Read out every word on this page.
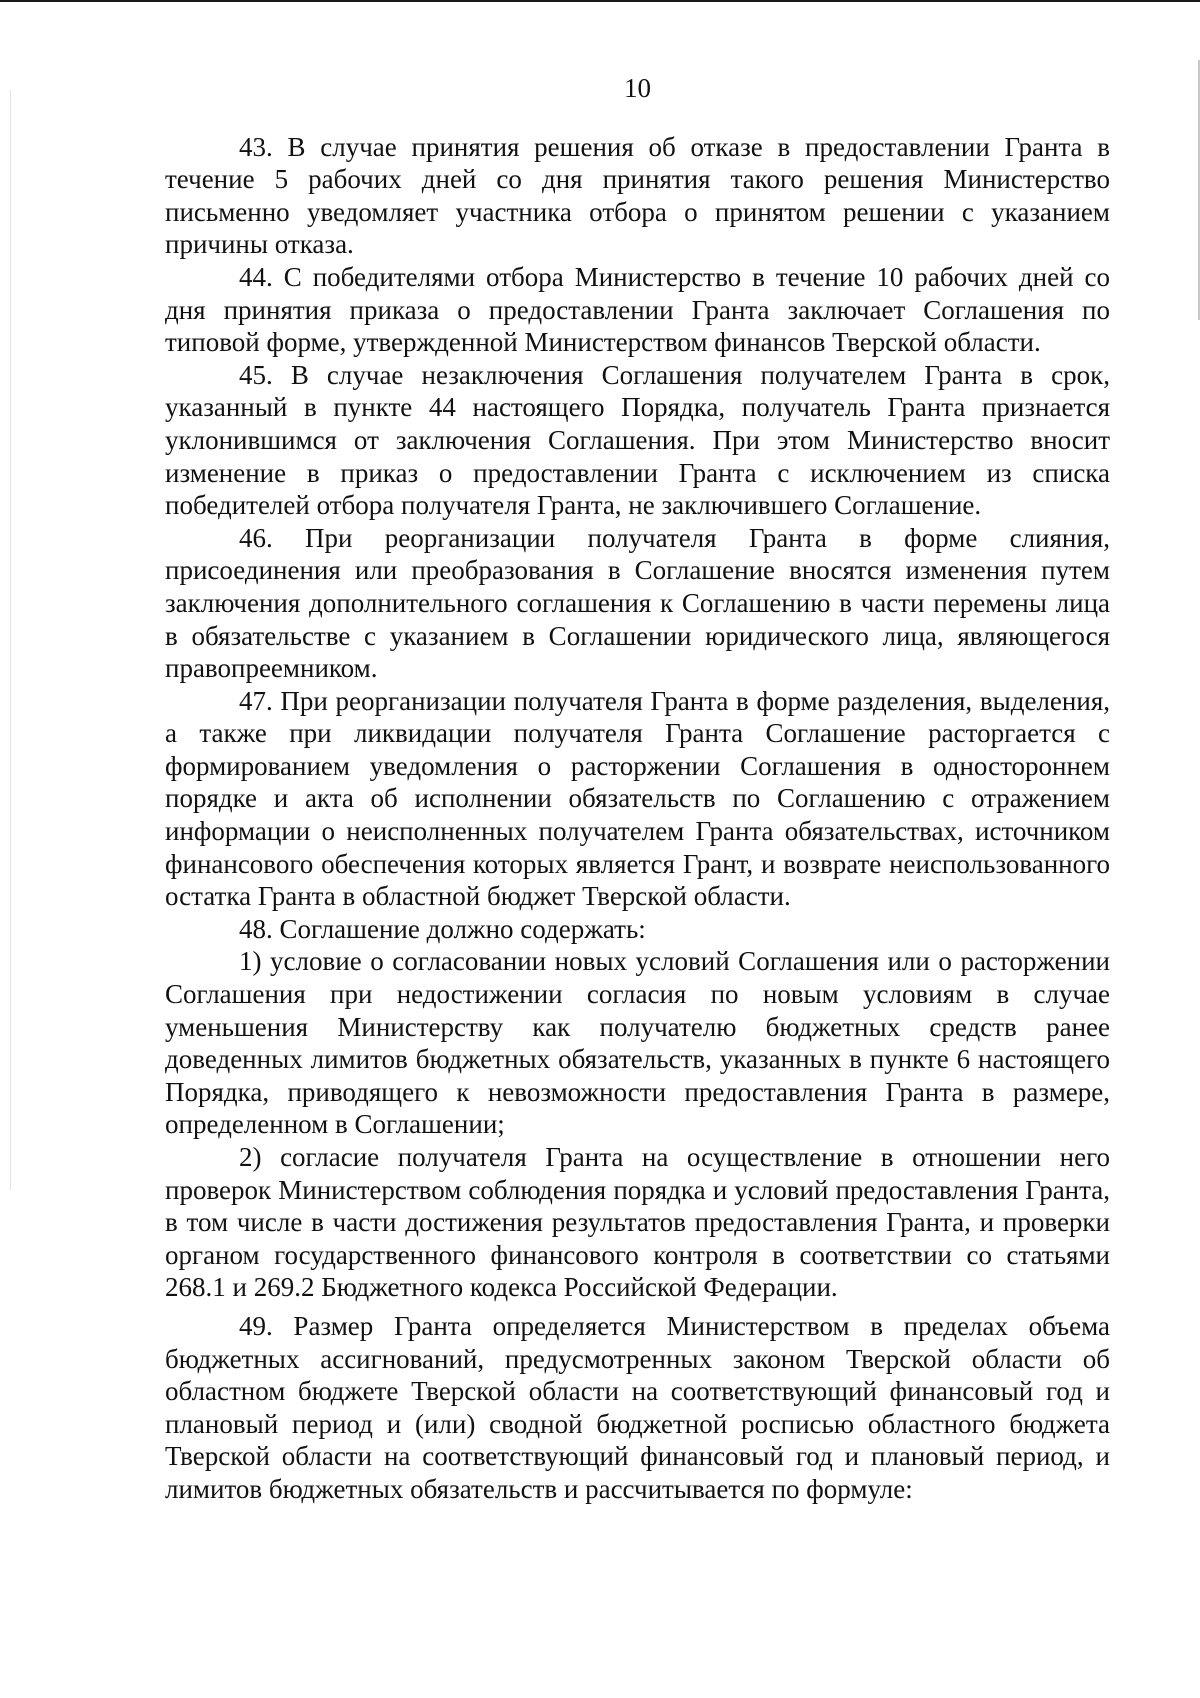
10

43. В случае принятия решения об отказе в предоставлении Гранта в течение 5 рабочих дней со дня принятия такого решения Министерство письменно уведомляет участника отбора о принятом решении с указанием причины отказа.

44. С победителями отбора Министерство в течение 10 рабочих дней со дня принятия приказа о предоставлении Гранта заключает Соглашения по типовой форме, утвержденной Министерством финансов Тверской области.

45. В случае незаключения Соглашения получателем Гранта в срок, указанный в пункте 44 настоящего Порядка, получатель Гранта признается уклонившимся от заключения Соглашения. При этом Министерство вносит изменение в приказ о предоставлении Гранта с исключением из списка победителей отбора получателя Гранта, не заключившего Соглашение.

46. При реорганизации получателя Гранта в форме слияния, присоединения или преобразования в Соглашение вносятся изменения путем заключения дополнительного соглашения к Соглашению в части перемены лица в обязательстве с указанием в Соглашении юридического лица, являющегося правопреемником.

47. При реорганизации получателя Гранта в форме разделения, выделения, а также при ликвидации получателя Гранта Соглашение расторгается с формированием уведомления о расторжении Соглашения в одностороннем порядке и акта об исполнении обязательств по Соглашению с отражением информации о неисполненных получателем Гранта обязательствах, источником финансового обеспечения которых является Грант, и возврате неиспользованного остатка Гранта в областной бюджет Тверской области.

48. Соглашение должно содержать:

1) условие о согласовании новых условий Соглашения или о расторжении Соглашения при недостижении согласия по новым условиям в случае уменьшения Министерству как получателю бюджетных средств ранее доведенных лимитов бюджетных обязательств, указанных в пункте 6 настоящего Порядка, приводящего к невозможности предоставления Гранта в размере, определенном в Соглашении;

2) согласие получателя Гранта на осуществление в отношении него проверок Министерством соблюдения порядка и условий предоставления Гранта, в том числе в части достижения результатов предоставления Гранта, и проверки органом государственного финансового контроля в соответствии со статьями 268.1 и 269.2 Бюджетного кодекса Российской Федерации.

49. Размер Гранта определяется Министерством в пределах объема бюджетных ассигнований, предусмотренных законом Тверской области об областном бюджете Тверской области на соответствующий финансовый год и плановый период и (или) сводной бюджетной росписью областного бюджета Тверской области на соответствующий финансовый год и плановый период, и лимитов бюджетных обязательств и рассчитывается по формуле:
